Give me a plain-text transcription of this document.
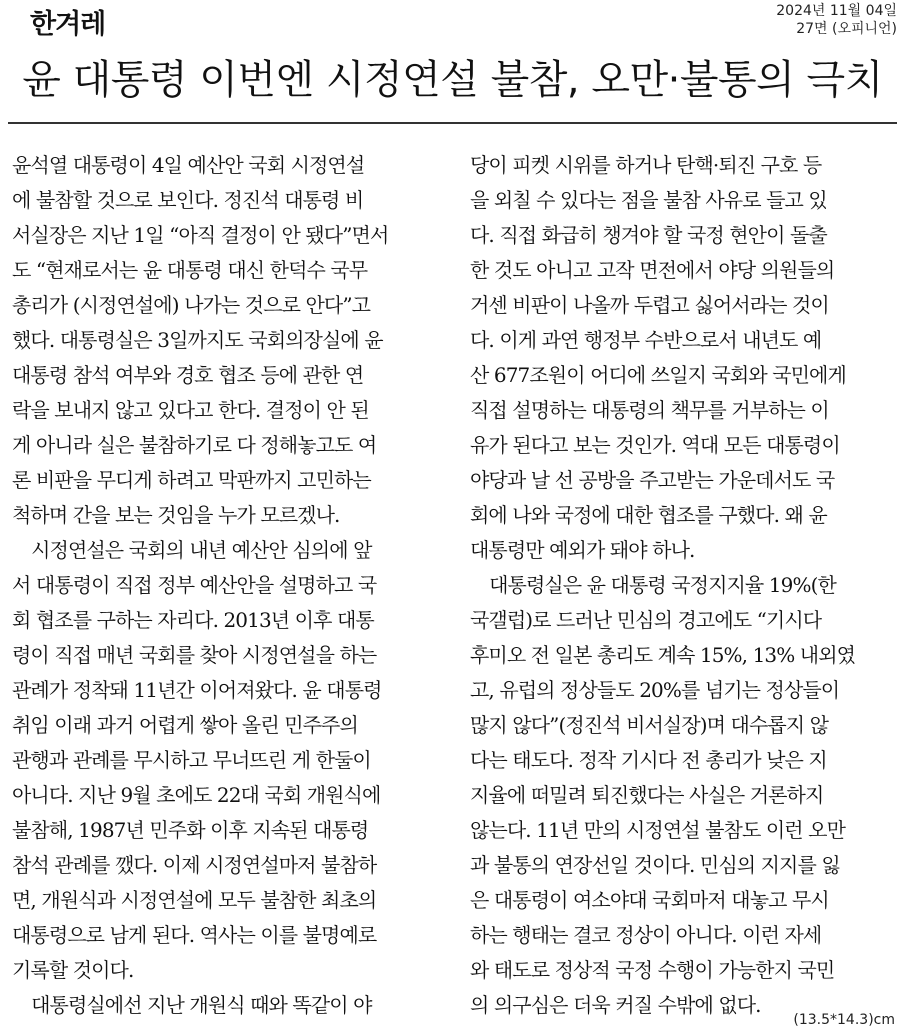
한겨레	2024년 11월 04일
27면 (오피니언)
윤 대통령 이번엔 시정연설 불참, 오만·불통의 극치
윤석열 대통령이 4일 예산안 국회 시정연설
에 불참할 것으로 보인다. 정진석 대통령 비
서실장은 지난 1일 “아직 결정이 안 됐다”면서
도 “현재로서는 윤 대통령 대신 한덕수 국무
총리가 (시정연설에) 나가는 것으로 안다”고
했다. 대통령실은 3일까지도 국회의장실에 윤
대통령 참석 여부와 경호 협조 등에 관한 연
락을 보내지 않고 있다고 한다. 결정이 안 된
게 아니라 실은 불참하기로 다 정해놓고도 여
론 비판을 무디게 하려고 막판까지 고민하는
척하며 간을 보는 것임을 누가 모르겠나.
　시정연설은 국회의 내년 예산안 심의에 앞
서 대통령이 직접 정부 예산안을 설명하고 국
회 협조를 구하는 자리다. 2013년 이후 대통
령이 직접 매년 국회를 찾아 시정연설을 하는
관례가 정착돼 11년간 이어져왔다. 윤 대통령
취임 이래 과거 어렵게 쌓아 올린 민주주의
관행과 관례를 무시하고 무너뜨린 게 한둘이
아니다. 지난 9월 초에도 22대 국회 개원식에
불참해, 1987년 민주화 이후 지속된 대통령
참석 관례를 깼다. 이제 시정연설마저 불참하
면, 개원식과 시정연설에 모두 불참한 최초의
대통령으로 남게 된다. 역사는 이를 불명예로
기록할 것이다.
　대통령실에선 지난 개원식 때와 똑같이 야
당이 피켓 시위를 하거나 탄핵·퇴진 구호 등
을 외칠 수 있다는 점을 불참 사유로 들고 있
다. 직접 화급히 챙겨야 할 국정 현안이 돌출
한 것도 아니고 고작 면전에서 야당 의원들의
거센 비판이 나올까 두렵고 싫어서라는 것이
다. 이게 과연 행정부 수반으로서 내년도 예
산 677조원이 어디에 쓰일지 국회와 국민에게
직접 설명하는 대통령의 책무를 거부하는 이
유가 된다고 보는 것인가. 역대 모든 대통령이
야당과 날 선 공방을 주고받는 가운데서도 국
회에 나와 국정에 대한 협조를 구했다. 왜 윤
대통령만 예외가 돼야 하나.
　대통령실은 윤 대통령 국정지지율 19%(한
국갤럽)로 드러난 민심의 경고에도 “기시다
후미오 전 일본 총리도 계속 15%, 13% 내외였
고, 유럽의 정상들도 20%를 넘기는 정상들이
많지 않다”(정진석 비서실장)며 대수롭지 않
다는 태도다. 정작 기시다 전 총리가 낮은 지
지율에 떠밀려 퇴진했다는 사실은 거론하지
않는다. 11년 만의 시정연설 불참도 이런 오만
과 불통의 연장선일 것이다. 민심의 지지를 잃
은 대통령이 여소야대 국회마저 대놓고 무시
하는 행태는 결코 정상이 아니다. 이런 자세
와 태도로 정상적 국정 수행이 가능한지 국민
의 의구심은 더욱 커질 수밖에 없다.
(13.5*14.3)cm
